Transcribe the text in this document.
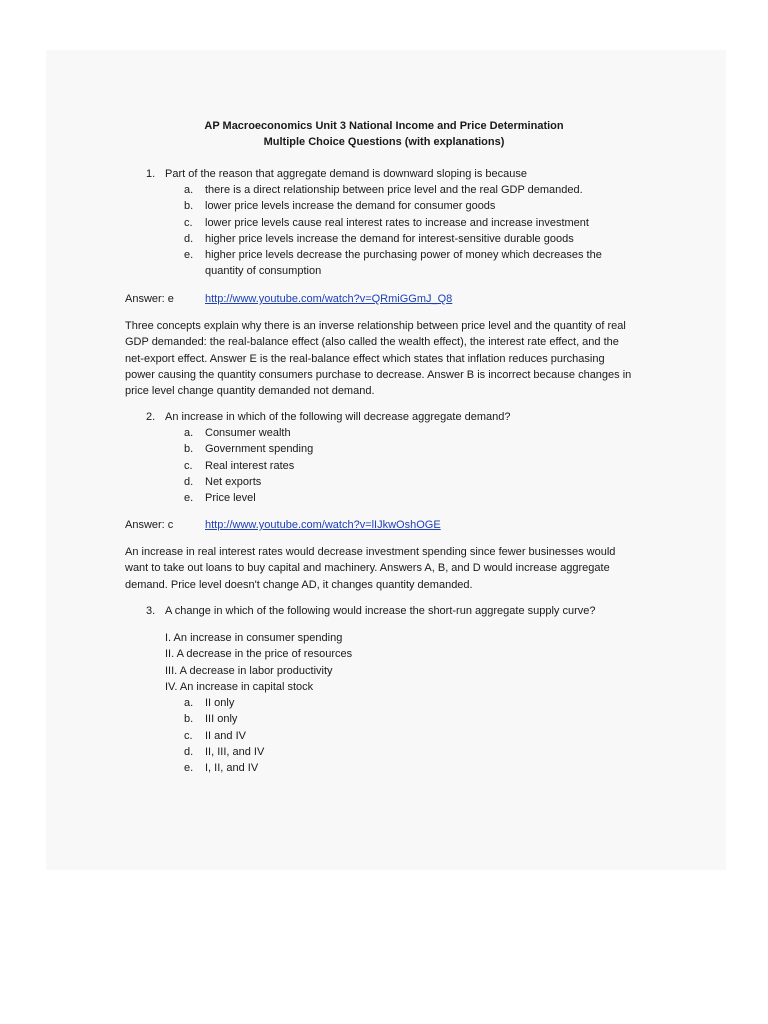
AP Macroeconomics Unit 3 National Income and Price Determination
Multiple Choice Questions (with explanations)
1. Part of the reason that aggregate demand is downward sloping is because
a. there is a direct relationship between price level and the real GDP demanded.
b. lower price levels increase the demand for consumer goods
c. lower price levels cause real interest rates to increase and increase investment
d. higher price levels increase the demand for interest-sensitive durable goods
e. higher price levels decrease the purchasing power of money which decreases the
quantity of consumption
Answer: e	http://www.youtube.com/watch?v=QRmiGGmJ_Q8
Three concepts explain why there is an inverse relationship between price level and the quantity of real
GDP demanded: the real-balance effect (also called the wealth effect), the interest rate effect, and the
net-export effect. Answer E is the real-balance effect which states that inflation reduces purchasing
power causing the quantity consumers purchase to decrease. Answer B is incorrect because changes in
price level change quantity demanded not demand.
2. An increase in which of the following will decrease aggregate demand?
a. Consumer wealth
b. Government spending
c. Real interest rates
d. Net exports
e. Price level
Answer: c	http://www.youtube.com/watch?v=lIJkwOshOGE
An increase in real interest rates would decrease investment spending since fewer businesses would
want to take out loans to buy capital and machinery. Answers A, B, and D would increase aggregate
demand. Price level doesn't change AD, it changes quantity demanded.
3. A change in which of the following would increase the short-run aggregate supply curve?
I. An increase in consumer spending
II. A decrease in the price of resources
III. A decrease in labor productivity
IV. An increase in capital stock
a. II only
b. III only
c. II and IV
d. II, III, and IV
e. I, II, and IV
